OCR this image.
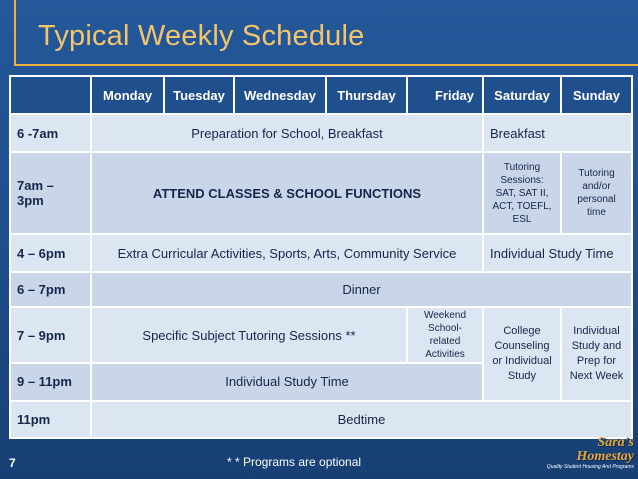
Typical Weekly Schedule
	Monday	Tuesday	Wednesday	Thursday	Friday	Saturday	Sunday
6 -7am	Preparation for School, Breakfast					Breakfast	
7am – 3pm	ATTEND CLASSES & SCHOOL FUNCTIONS					Tutoring Sessions: SAT, SAT II, ACT, TOEFL, ESL	Tutoring and/or personal time
4 – 6pm	Extra Curricular Activities, Sports, Arts, Community Service					Individual Study Time	
6 – 7pm	Dinner						
7 – 9pm	Specific Subject Tutoring Sessions **				Weekend School-related Activities	College Counseling or Individual Study	Individual Study and Prep for Next Week
9 – 11pm	Individual Study Time						
11pm	Bedtime						
7	* * Programs are optional
Sara's Homestay
Quality Student Housing And Programs
